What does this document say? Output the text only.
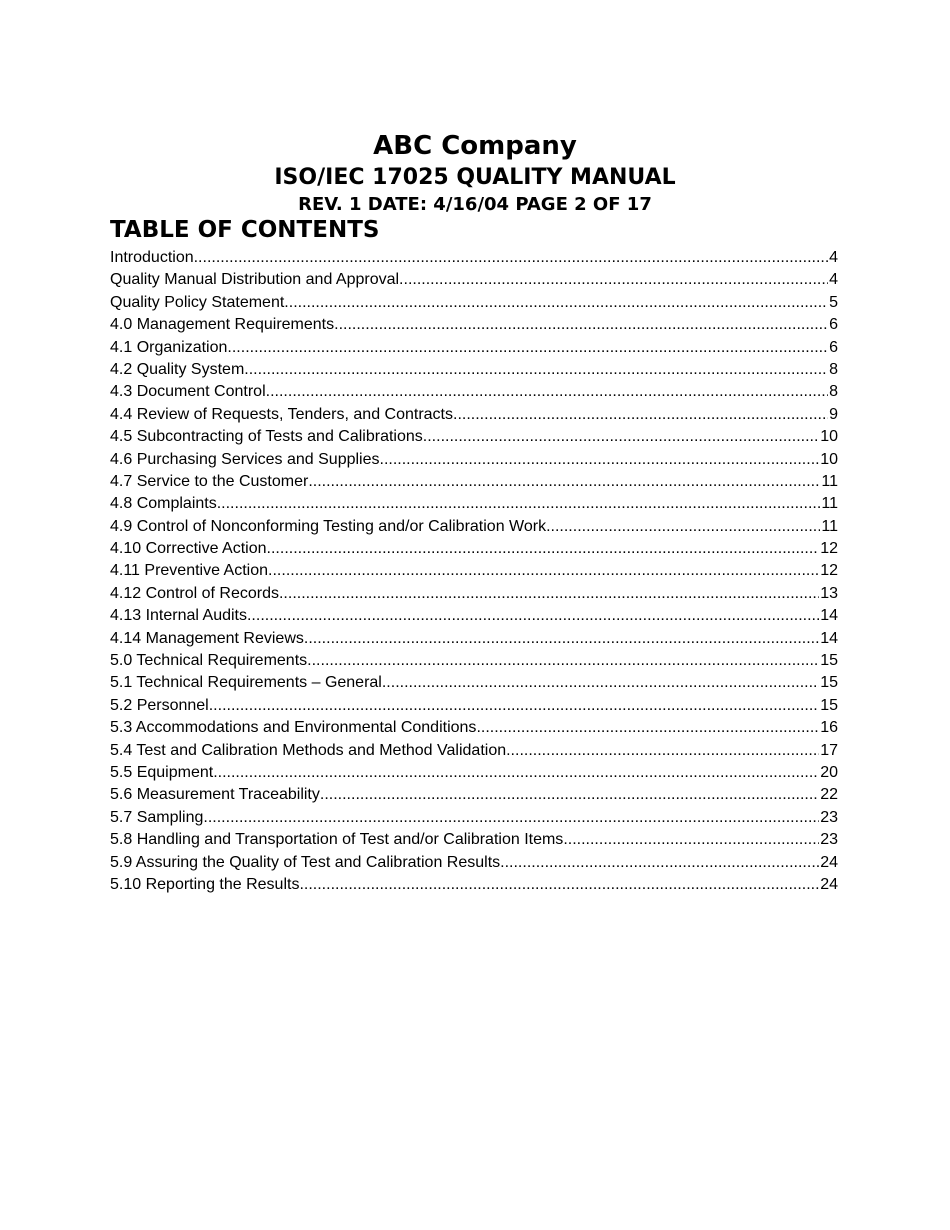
ABC Company
ISO/IEC 17025 QUALITY MANUAL
REV. 1 DATE: 4/16/04 PAGE 2 OF 17
TABLE OF CONTENTS
Introduction .....	4
Quality Manual Distribution and Approval .....	4
Quality Policy Statement .....	5
4.0 Management Requirements .....	6
4.1 Organization .....	6
4.2 Quality System .....	8
4.3 Document Control .....	8
4.4 Review of Requests, Tenders, and Contracts .....	9
4.5 Subcontracting of Tests and Calibrations .....	10
4.6 Purchasing Services and Supplies .....	10
4.7 Service to the Customer .....	11
4.8 Complaints .....	11
4.9 Control of Nonconforming Testing and/or Calibration Work .....	11
4.10 Corrective Action .....	12
4.11 Preventive Action .....	12
4.12 Control of Records .....	13
4.13 Internal Audits .....	14
4.14 Management Reviews .....	14
5.0 Technical Requirements .....	15
5.1 Technical Requirements – General .....	15
5.2 Personnel .....	15
5.3 Accommodations and Environmental Conditions .....	16
5.4 Test and Calibration Methods and Method Validation .....	17
5.5 Equipment .....	20
5.6 Measurement Traceability .....	22
5.7 Sampling .....	23
5.8 Handling and Transportation of Test and/or Calibration Items .....	23
5.9 Assuring the Quality of Test and Calibration Results .....	24
5.10 Reporting the Results .....	24
